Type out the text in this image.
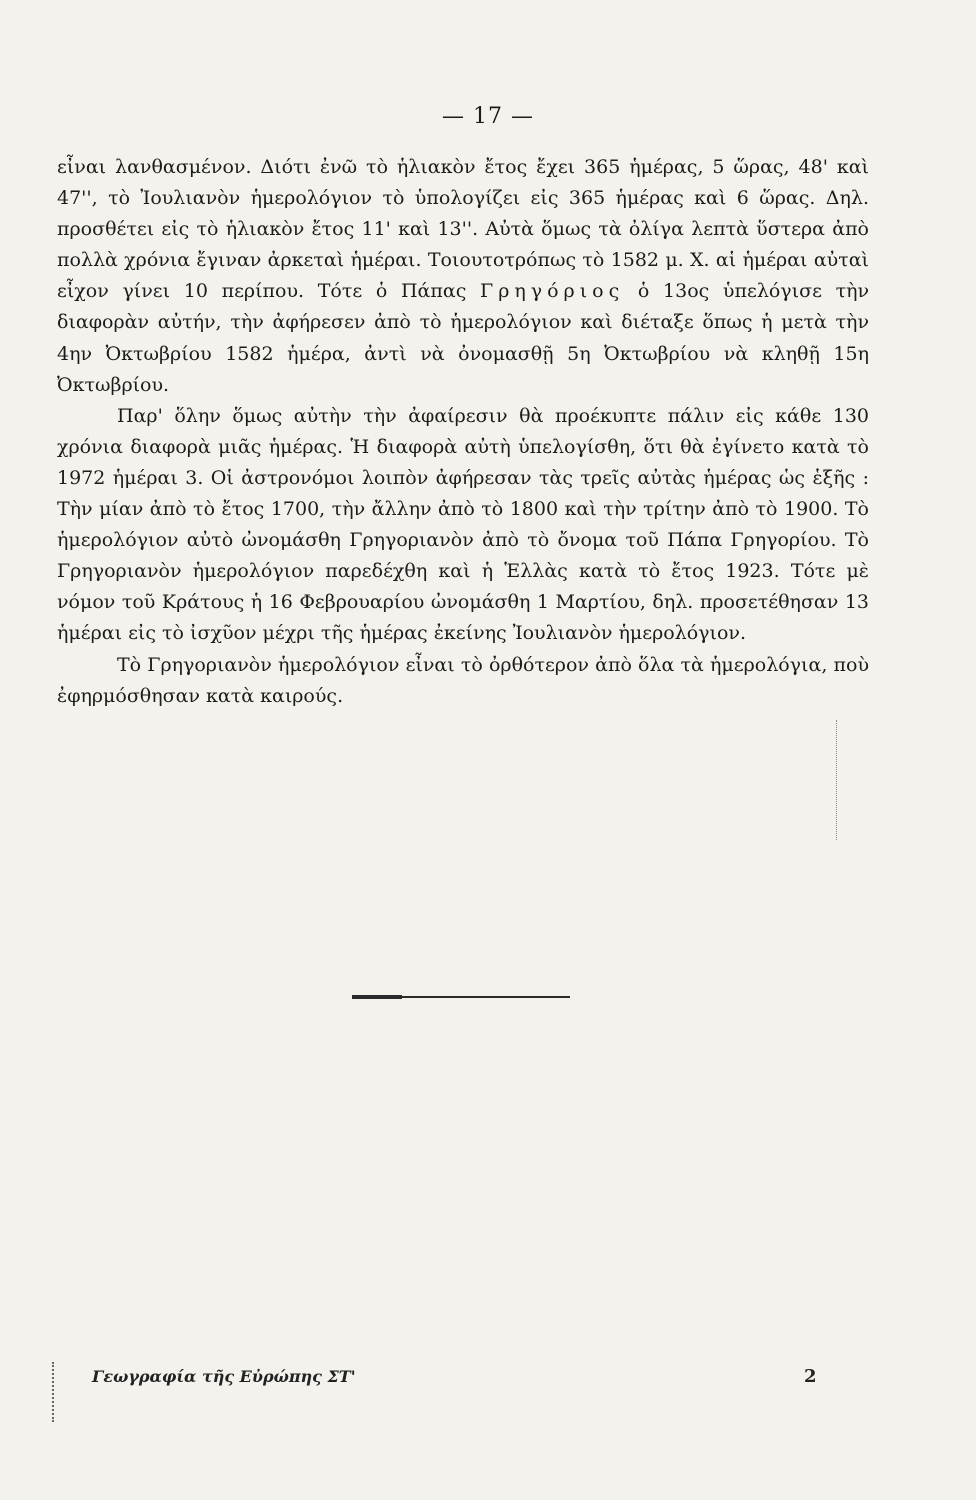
— 17 —

εἶναι λανθασμένον. Διότι ἐνῶ τὸ ἡλιακὸν ἔτος ἔχει 365 ἡμέρας, 5 ὥρας, 48' καὶ 47'', τὸ Ἰουλιανὸν ἡμερολόγιον τὸ ὑπολογίζει εἰς 365 ἡμέρας καὶ 6 ὥρας. Δηλ. προσθέτει εἰς τὸ ἡλιακὸν ἔτος 11' καὶ 13''. Αὐτὰ ὅμως τὰ ὀλίγα λεπτὰ ὕστερα ἀπὸ πολλὰ χρόνια ἔγιναν ἀρκεταὶ ἡμέραι. Τοιουτοτρόπως τὸ 1582 μ. Χ. αἱ ἡμέραι αὐταὶ εἶχον γίνει 10 περίπου. Τότε ὁ Πάπας Γρηγόριος ὁ 13ος ὑπελόγισε τὴν διαφορὰν αὐτήν, τὴν ἀφήρεσεν ἀπὸ τὸ ἡμερολόγιον καὶ διέταξε ὅπως ἡ μετὰ τὴν 4ην Ὀκτωβρίου 1582 ἡμέρα, ἀντὶ νὰ ὀνομασθῇ 5η Ὀκτωβρίου νὰ κληθῇ 15η Ὀκτωβρίου.

Παρ' ὅλην ὅμως αὐτὴν τὴν ἀφαίρεσιν θὰ προέκυπτε πάλιν εἰς κάθε 130 χρόνια διαφορὰ μιᾶς ἡμέρας. Ἡ διαφορὰ αὐτὴ ὑπελογίσθη, ὅτι θὰ ἐγίνετο κατὰ τὸ 1972 ἡμέραι 3. Οἱ ἀστρονόμοι λοιπὸν ἀφήρεσαν τὰς τρεῖς αὐτὰς ἡμέρας ὡς ἑξῆς : Τὴν μίαν ἀπὸ τὸ ἔτος 1700, τὴν ἄλλην ἀπὸ τὸ 1800 καὶ τὴν τρίτην ἀπὸ τὸ 1900. Τὸ ἡμερολόγιον αὐτὸ ὠνομάσθη Γρηγοριανὸν ἀπὸ τὸ ὄνομα τοῦ Πάπα Γρηγορίου. Τὸ Γρηγοριανὸν ἡμερολόγιον παρεδέχθη καὶ ἡ Ἑλλὰς κατὰ τὸ ἔτος 1923. Τότε μὲ νόμον τοῦ Κράτους ἡ 16 Φεβρουαρίου ὠνομάσθη 1 Μαρτίου, δηλ. προσετέθησαν 13 ἡμέραι εἰς τὸ ἰσχῦον μέχρι τῆς ἡμέρας ἐκείνης Ἰουλιανὸν ἡμερολόγιον.

Τὸ Γρηγοριανὸν ἡμερολόγιον εἶναι τὸ ὀρθότερον ἀπὸ ὅλα τὰ ἡμερολόγια, ποὺ ἐφηρμόσθησαν κατὰ καιρούς.

Γεωγραφία τῆς Εὐρώπης ΣΤ'	2
